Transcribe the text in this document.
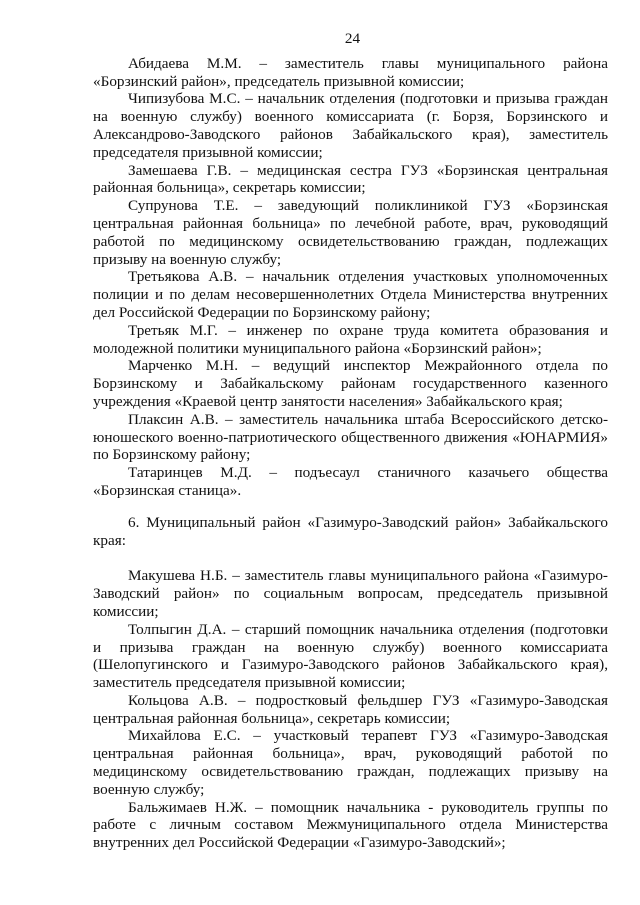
24

Абидаева М.М. – заместитель главы муниципального района «Борзинский район», председатель призывной комиссии;

Чипизубова М.С. – начальник отделения (подготовки и призыва граждан на военную службу) военного комиссариата (г. Борзя, Борзинского и Александрово-Заводского районов Забайкальского края), заместитель председателя призывной комиссии;

Замешаева Г.В. – медицинская сестра ГУЗ «Борзинская центральная районная больница», секретарь комиссии;

Супрунова Т.Е. – заведующий поликлиникой ГУЗ «Борзинская центральная районная больница» по лечебной работе, врач, руководящий работой по медицинскому освидетельствованию граждан, подлежащих призыву на военную службу;

Третьякова А.В. – начальник отделения участковых уполномоченных полиции и по делам несовершеннолетних Отдела Министерства внутренних дел Российской Федерации по Борзинскому району;

Третьяк М.Г. – инженер по охране труда комитета образования и молодежной политики муниципального района «Борзинский район»;

Марченко М.Н. – ведущий инспектор Межрайонного отдела по Борзинскому и Забайкальскому районам государственного казенного учреждения «Краевой центр занятости населения» Забайкальского края;

Плаксин А.В. – заместитель начальника штаба Всероссийского детско-юношеского военно-патриотического общественного движения «ЮНАРМИЯ» по Борзинскому району;

Татаринцев М.Д. – подъесаул станичного казачьего общества «Борзинская станица».

6. Муниципальный район «Газимуро-Заводский район» Забайкальского края:

Макушева Н.Б. – заместитель главы муниципального района «Газимуро-Заводский район» по социальным вопросам, председатель призывной комиссии;

Толпыгин Д.А. – старший помощник начальника отделения (подготовки и призыва граждан на военную службу) военного комиссариата (Шелопугинского и Газимуро-Заводского районов Забайкальского края), заместитель председателя призывной комиссии;

Кольцова А.В. – подростковый фельдшер ГУЗ «Газимуро-Заводская центральная районная больница», секретарь комиссии;

Михайлова Е.С. – участковый терапевт ГУЗ «Газимуро-Заводская центральная районная больница», врач, руководящий работой по медицинскому освидетельствованию граждан, подлежащих призыву на военную службу;

Бальжимаев Н.Ж. – помощник начальника - руководитель группы по работе с личным составом Межмуниципального отдела Министерства внутренних дел Российской Федерации «Газимуро-Заводский»;
